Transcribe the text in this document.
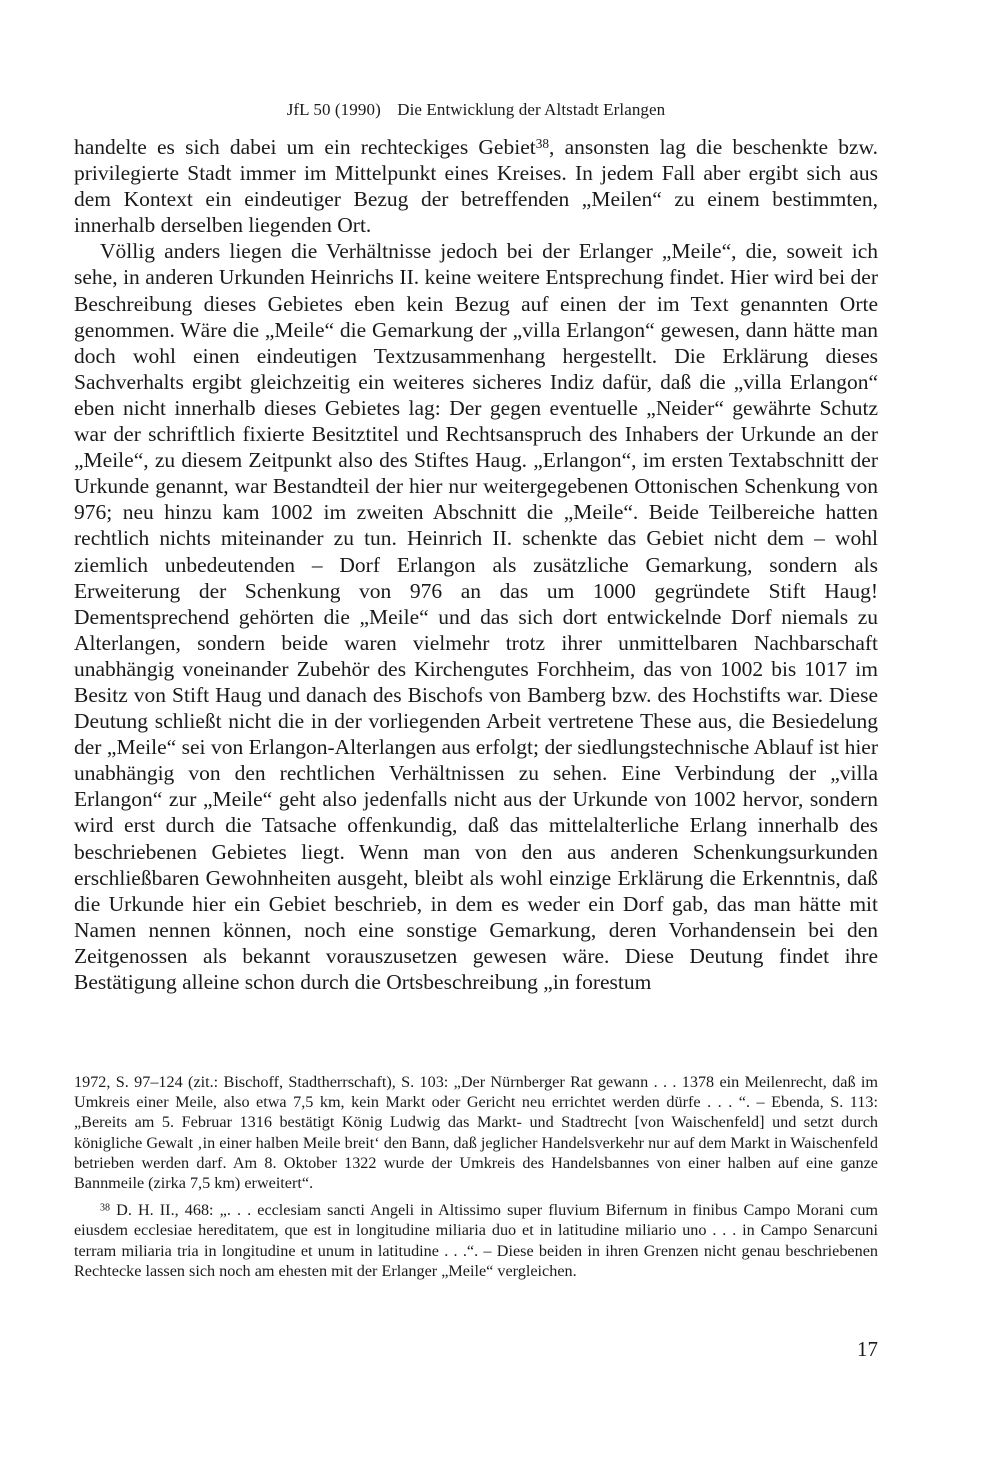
JfL 50 (1990) Die Entwicklung der Altstadt Erlangen

handelte es sich dabei um ein rechteckiges Gebiet$^{38}$, ansonsten lag die beschenkte bzw. privilegierte Stadt immer im Mittelpunkt eines Kreises. In jedem Fall aber ergibt sich aus dem Kontext ein eindeutiger Bezug der betreffenden „Meilen“ zu einem bestimmten, innerhalb derselben liegenden Ort.

Völlig anders liegen die Verhältnisse jedoch bei der Erlanger „Meile“, die, soweit ich sehe, in anderen Urkunden Heinrichs II. keine weitere Entsprechung findet. Hier wird bei der Beschreibung dieses Gebietes eben kein Bezug auf einen der im Text genannten Orte genommen. Wäre die „Meile“ die Gemarkung der „villa Erlangon“ gewesen, dann hätte man doch wohl einen eindeutigen Textzusammenhang hergestellt. Die Erklärung dieses Sachverhalts ergibt gleichzeitig ein weiteres sicheres Indiz dafür, daß die „villa Erlangon“ eben nicht innerhalb dieses Gebietes lag: Der gegen eventuelle „Neider“ gewährte Schutz war der schriftlich fixierte Besitztitel und Rechtsanspruch des Inhabers der Urkunde an der „Meile“, zu diesem Zeitpunkt also des Stiftes Haug. „Erlangon“, im ersten Textabschnitt der Urkunde genannt, war Bestandteil der hier nur weitergegebenen Ottonischen Schenkung von 976; neu hinzu kam 1002 im zweiten Abschnitt die „Meile“. Beide Teilbereiche hatten rechtlich nichts miteinander zu tun. Heinrich II. schenkte das Gebiet nicht dem – wohl ziemlich unbedeutenden – Dorf Erlangon als zusätzliche Gemarkung, sondern als Erweiterung der Schenkung von 976 an das um 1000 gegründete Stift Haug! Dementsprechend gehörten die „Meile“ und das sich dort entwickelnde Dorf niemals zu Alterlangen, sondern beide waren vielmehr trotz ihrer unmittelbaren Nachbarschaft unabhängig voneinander Zubehör des Kirchengutes Forchheim, das von 1002 bis 1017 im Besitz von Stift Haug und danach des Bischofs von Bamberg bzw. des Hochstifts war. Diese Deutung schließt nicht die in der vorliegenden Arbeit vertretene These aus, die Besiedelung der „Meile“ sei von Erlangon-Alterlangen aus erfolgt; der siedlungstechnische Ablauf ist hier unabhängig von den rechtlichen Verhältnissen zu sehen. Eine Verbindung der „villa Erlangon“ zur „Meile“ geht also jedenfalls nicht aus der Urkunde von 1002 hervor, sondern wird erst durch die Tatsache offenkundig, daß das mittelalterliche Erlang innerhalb des beschriebenen Gebietes liegt. Wenn man von den aus anderen Schenkungsurkunden erschließbaren Gewohnheiten ausgeht, bleibt als wohl einzige Erklärung die Erkenntnis, daß die Urkunde hier ein Gebiet beschrieb, in dem es weder ein Dorf gab, das man hätte mit Namen nennen können, noch eine sonstige Gemarkung, deren Vorhandensein bei den Zeitgenossen als bekannt vorauszusetzen gewesen wäre. Diese Deutung findet ihre Bestätigung alleine schon durch die Ortsbeschreibung „in forestum

1972, S. 97–124 (zit.: Bischoff, Stadtherrschaft), S. 103: „Der Nürnberger Rat gewann . . . 1378 ein Meilenrecht, daß im Umkreis einer Meile, also etwa 7,5 km, kein Markt oder Gericht neu errichtet werden dürfe . . . “. – Ebenda, S. 113: „Bereits am 5. Februar 1316 bestätigt König Ludwig das Markt- und Stadtrecht [von Waischenfeld] und setzt durch königliche Gewalt ‚in einer halben Meile breit‘ den Bann, daß jeglicher Handelsverkehr nur auf dem Markt in Waischenfeld betrieben werden darf. Am 8. Oktober 1322 wurde der Umkreis des Handelsbannes von einer halben auf eine ganze Bannmeile (zirka 7,5 km) erweitert“.

$^{38}$ D. H. II., 468: „. . . ecclesiam sancti Angeli in Altissimo super fluvium Bifernum in finibus Campo Morani cum eiusdem ecclesiae hereditatem, que est in longitudine miliaria duo et in latitudine miliario uno . . . in Campo Senarcuni terram miliaria tria in longitudine et unum in latitudine . . .“. – Diese beiden in ihren Grenzen nicht genau beschriebenen Rechtecke lassen sich noch am ehesten mit der Erlanger „Meile“ vergleichen.

17
